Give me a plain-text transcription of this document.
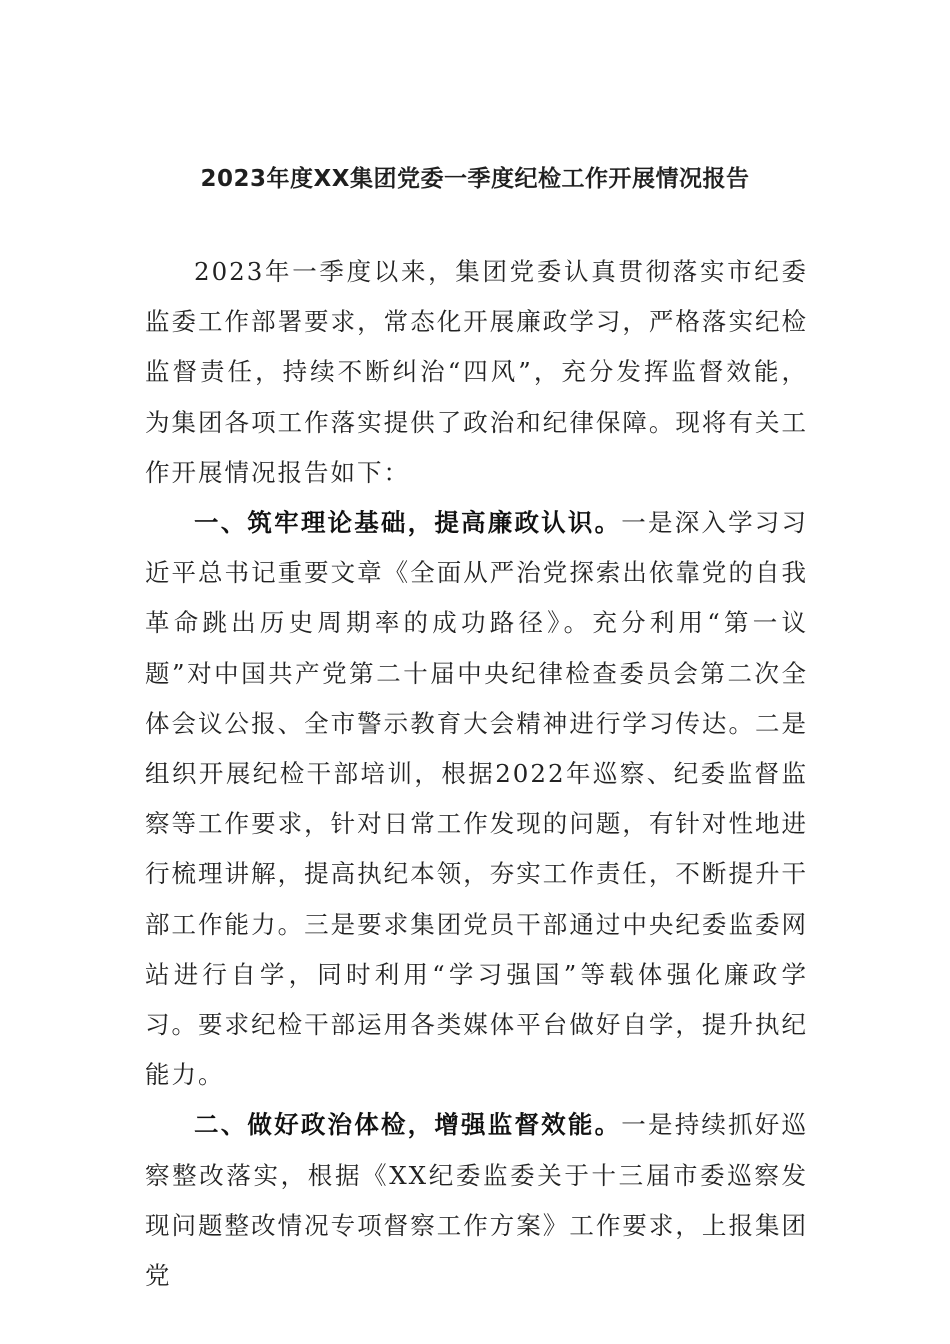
2023年度XX集团党委一季度纪检工作开展情况报告

2023年一季度以来，集团党委认真贯彻落实市纪委监委工作部署要求，常态化开展廉政学习，严格落实纪检监督责任，持续不断纠治“四风”，充分发挥监督效能，为集团各项工作落实提供了政治和纪律保障。现将有关工作开展情况报告如下：

一、筑牢理论基础，提高廉政认识。一是深入学习习近平总书记重要文章《全面从严治党探索出依靠党的自我革命跳出历史周期率的成功路径》。充分利用“第一议题”对中国共产党第二十届中央纪律检查委员会第二次全体会议公报、全市警示教育大会精神进行学习传达。二是组织开展纪检干部培训，根据2022年巡察、纪委监督监察等工作要求，针对日常工作发现的问题，有针对性地进行梳理讲解，提高执纪本领，夯实工作责任，不断提升干部工作能力。三是要求集团党员干部通过中央纪委监委网站进行自学，同时利用“学习强国”等载体强化廉政学习。要求纪检干部运用各类媒体平台做好自学，提升执纪能力。

二、做好政治体检，增强监督效能。一是持续抓好巡察整改落实，根据《XX纪委监委关于十三届市委巡察发现问题整改情况专项督察工作方案》工作要求，上报集团党
